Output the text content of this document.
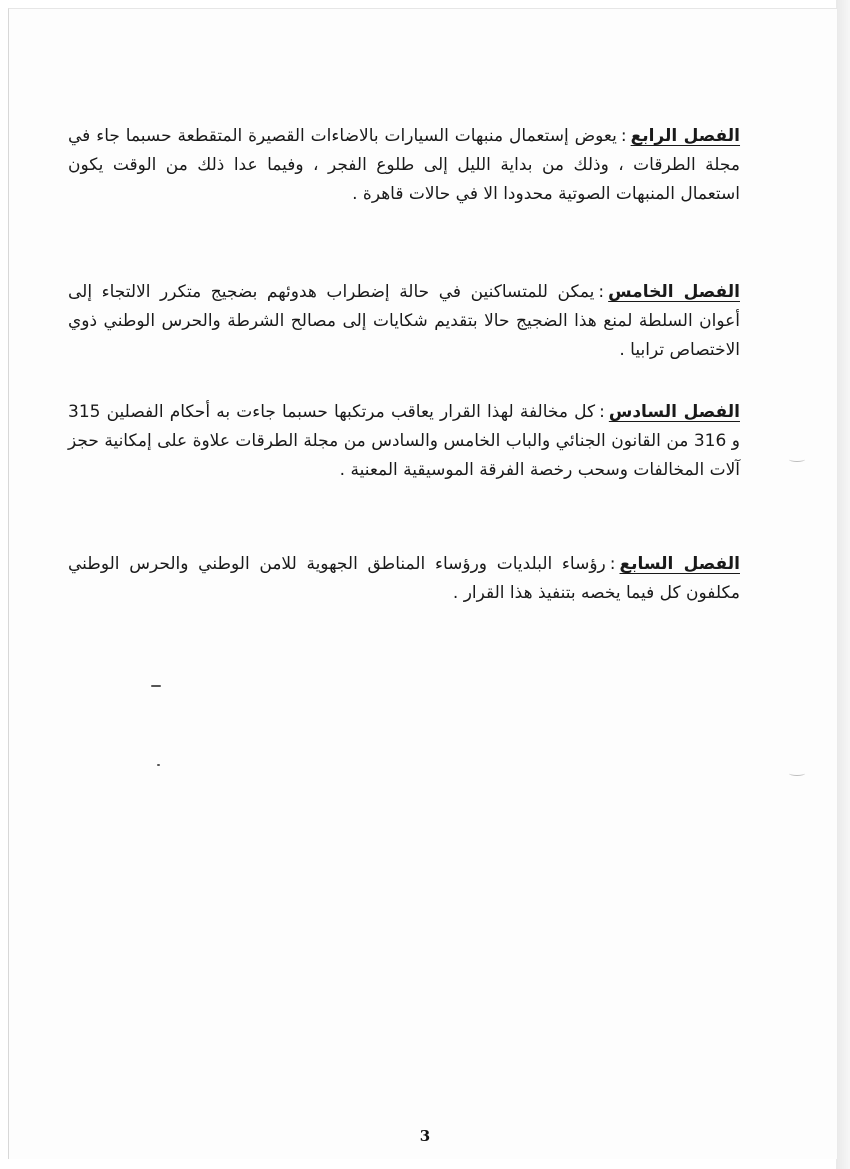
الفصل الرابع:يعوض إستعمال منبهات السيارات بالاضاءات القصيرة المتقطعة حسبما جاء في مجلة الطرقات ، وذلك من بداية الليل إلى طلوع الفجر ، وفيما عدا ذلك من الوقت يكون استعمال المنبهات الصوتية محدودا الا في حالات قاهرة .
الفصل الخامس:يمكن للمتساكنين في حالة إضطراب هدوئهم بضجيج متكرر الالتجاء إلى أعوان السلطة لمنع هذا الضجيج حالا بتقديم شكايات إلى مصالح الشرطة والحرس الوطني ذوي الاختصاص ترابيا .
الفصل السادس:كل مخالفة لهذا القرار يعاقب مرتكبها حسبما جاءت به أحكام الفصلين 315 و 316 من القانون الجنائي والباب الخامس والسادس من مجلة الطرقات علاوة على إمكانية حجز آلات المخالفات وسحب رخصة الفرقة الموسيقية المعنية .
الفصل السابع:رؤساء البلديات ورؤساء المناطق الجهوية للامن الوطني والحرس الوطني مكلفون كل فيما يخصه بتنفيذ هذا القرار .
3
